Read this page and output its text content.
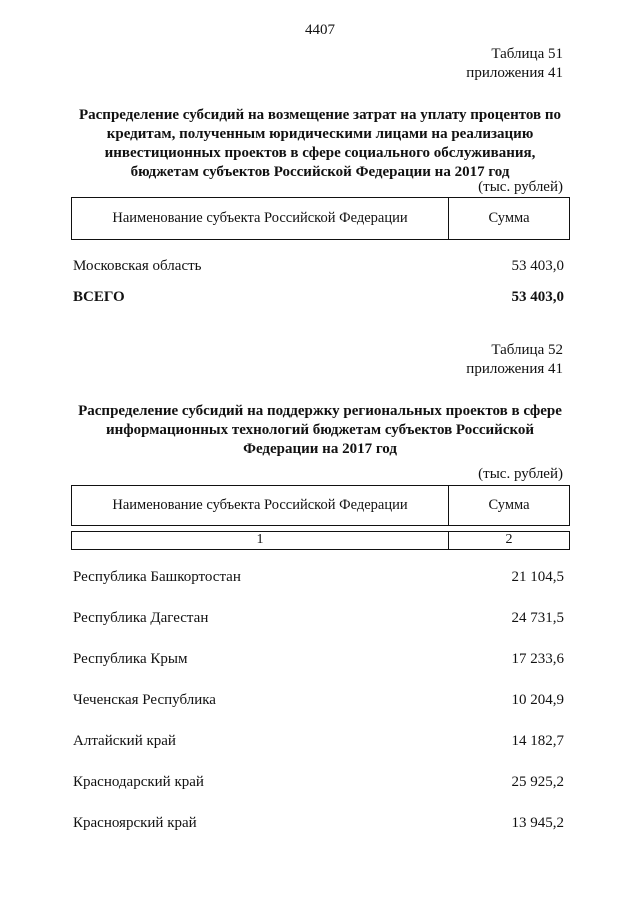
4407
Таблица 51
приложения 41
Распределение субсидий на возмещение затрат на уплату процентов по
кредитам, полученным юридическими лицами на реализацию
инвестиционных проектов в сфере социального обслуживания,
бюджетам субъектов Российской Федерации на 2017 год
(тыс. рублей)
Наименование субъекта Российской Федерации	Сумма
Московская область	53 403,0
ВСЕГО	53 403,0
Таблица 52
приложения 41
Распределение субсидий на поддержку региональных проектов в сфере
информационных технологий бюджетам субъектов Российской
Федерации на 2017 год
(тыс. рублей)
Наименование субъекта Российской Федерации	Сумма
1	2
Республика Башкортостан	21 104,5
Республика Дагестан	24 731,5
Республика Крым	17 233,6
Чеченская Республика	10 204,9
Алтайский край	14 182,7
Краснодарский край	25 925,2
Красноярский край	13 945,2
